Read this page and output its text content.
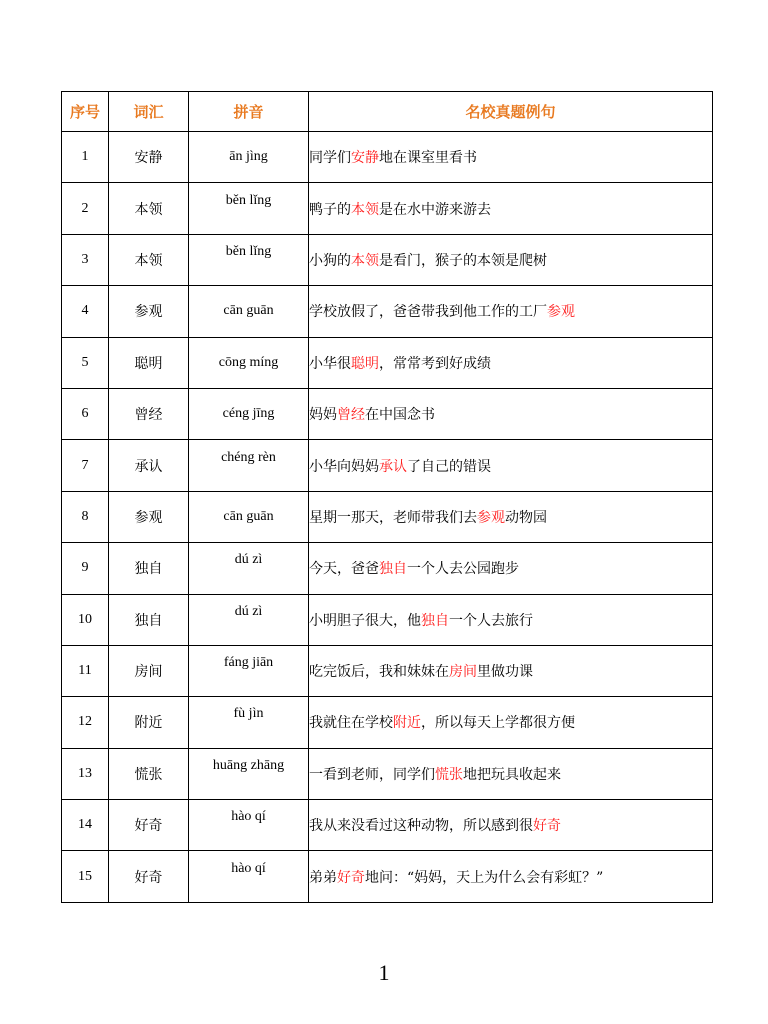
序号	词汇	拼音	名校真题例句
1	安静	ān jìng	同学们安静地在课室里看书
2	本领	běn lǐng	鸭子的本领是在水中游来游去
3	本领	běn lǐng	小狗的本领是看门，猴子的本领是爬树
4	参观	cān guān	学校放假了，爸爸带我到他工作的工厂参观
5	聪明	cōng míng	小华很聪明，常常考到好成绩
6	曾经	céng jīng	妈妈曾经在中国念书
7	承认	chéng rèn	小华向妈妈承认了自己的错误
8	参观	cān guān	星期一那天，老师带我们去参观动物园
9	独自	dú zì	今天，爸爸独自一个人去公园跑步
10	独自	dú zì	小明胆子很大，他独自一个人去旅行
11	房间	fáng jiān	吃完饭后，我和妹妹在房间里做功课
12	附近	fù jìn	我就住在学校附近，所以每天上学都很方便
13	慌张	huāng zhāng	一看到老师，同学们慌张地把玩具收起来
14	好奇	hào qí	我从来没看过这种动物，所以感到很好奇
15	好奇	hào qí	弟弟好奇地问：“妈妈，天上为什么会有彩虹？”
1
